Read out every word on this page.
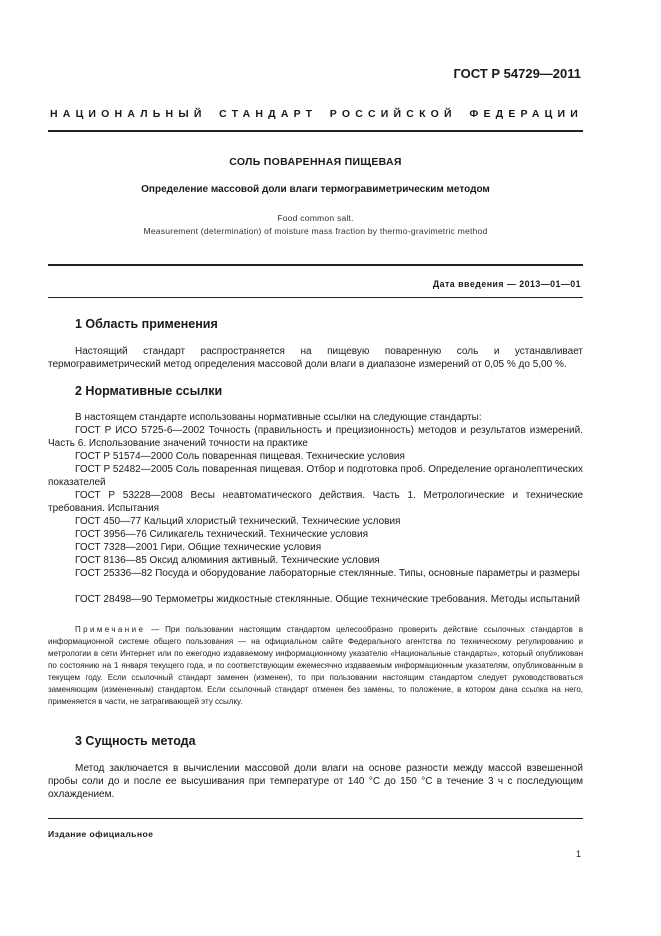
ГОСТ Р 54729—2011
НАЦИОНАЛЬНЫЙ СТАНДАРТ РОССИЙСКОЙ ФЕДЕРАЦИИ
СОЛЬ ПОВАРЕННАЯ ПИЩЕВАЯ
Определение массовой доли влаги термогравиметрическим методом
Food common salt.
Measurement (determination) of moisture mass fraction by thermo-gravimetric method
Дата введения — 2013—01—01
1 Область применения
Настоящий стандарт распространяется на пищевую поваренную соль и устанавливает термогравиметрический метод определения массовой доли влаги в диапазоне измерений от 0,05 % до 5,00 %.
2 Нормативные ссылки
В настоящем стандарте использованы нормативные ссылки на следующие стандарты:
ГОСТ Р ИСО 5725-6—2002 Точность (правильность и прецизионность) методов и результатов измерений. Часть 6. Использование значений точности на практике
ГОСТ Р 51574—2000 Соль поваренная пищевая. Технические условия
ГОСТ Р 52482—2005 Соль поваренная пищевая. Отбор и подготовка проб. Определение органолептических показателей
ГОСТ Р 53228—2008 Весы неавтоматического действия. Часть 1. Метрологические и технические требования. Испытания
ГОСТ 450—77 Кальций хлористый технический. Технические условия
ГОСТ 3956—76 Силикагель технический. Технические условия
ГОСТ 7328—2001 Гири. Общие технические условия
ГОСТ 8136—85 Оксид алюминия активный. Технические условия
ГОСТ 25336—82 Посуда и оборудование лабораторные стеклянные. Типы, основные параметры и размеры
ГОСТ 28498—90 Термометры жидкостные стеклянные. Общие технические требования. Методы испытаний
Примечание — При пользовании настоящим стандартом целесообразно проверить действие ссылочных стандартов в информационной системе общего пользования — на официальном сайте Федерального агентства по техническому регулированию и метрологии в сети Интернет или по ежегодно издаваемому информационному указателю «Национальные стандарты», который опубликован по состоянию на 1 января текущего года, и по соответствующим ежемесячно издаваемым информационным указателям, опубликованным в текущем году. Если ссылочный стандарт заменен (изменен), то при пользовании настоящим стандартом следует руководствоваться заменяющим (измененным) стандартом. Если ссылочный стандарт отменен без замены, то положение, в котором дана ссылка на него, применяется в части, не затрагивающей эту ссылку.
3 Сущность метода
Метод заключается в вычислении массовой доли влаги на основе разности между массой взвешенной пробы соли до и после ее высушивания при температуре от 140 °С до 150 °С в течение 3 ч с последующим охлаждением.
Издание официальное
1
